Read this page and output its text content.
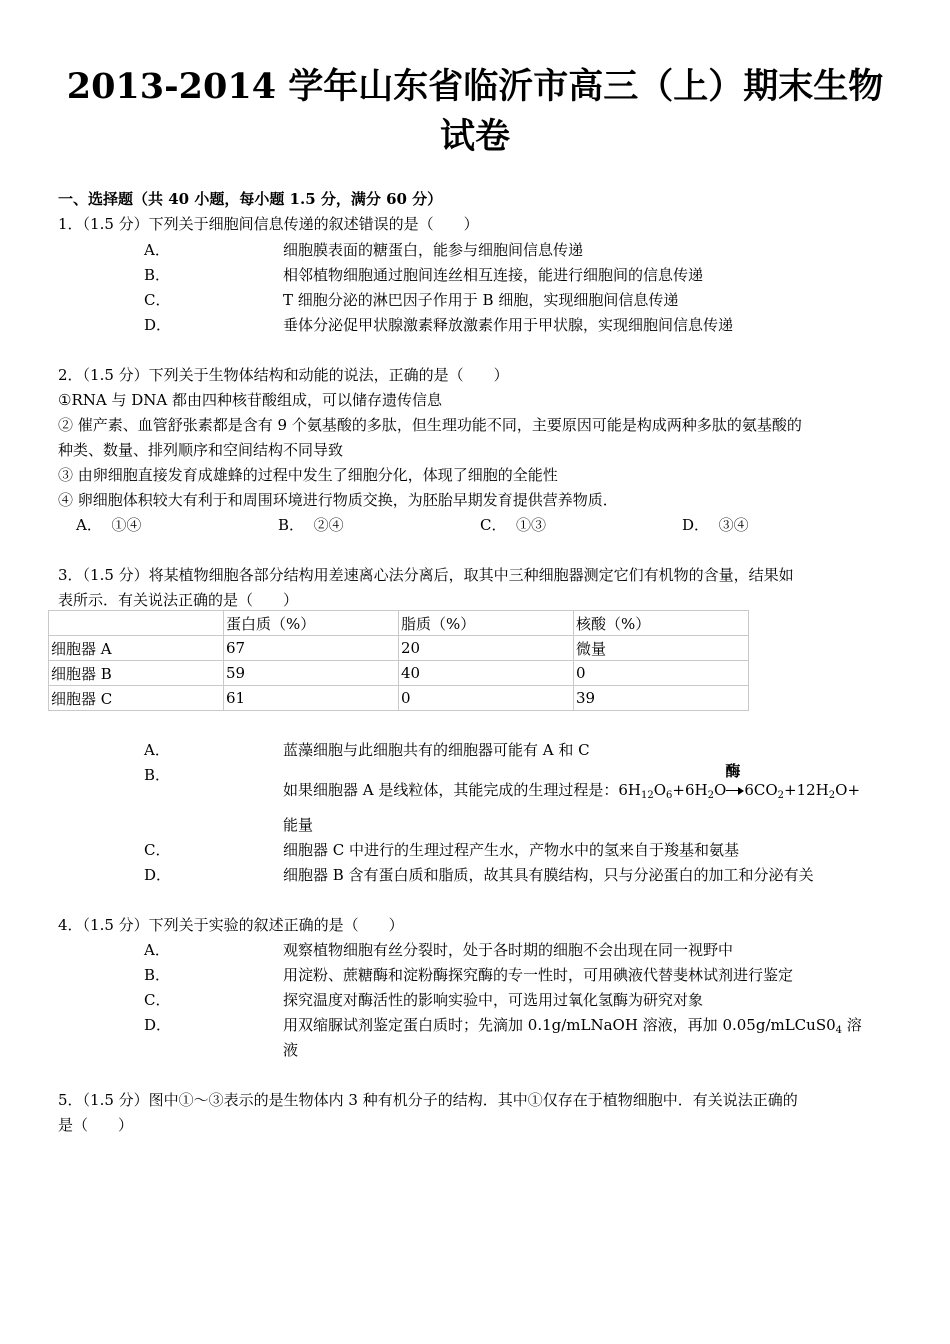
2013-2014 学年山东省临沂市高三（上）期末生物
试卷
一、选择题（共 40 小题，每小题 1.5 分，满分 60 分）
1．（1.5 分）下列关于细胞间信息传递的叙述错误的是（　　）
A．	细胞膜表面的糖蛋白，能参与细胞间信息传递
B．	相邻植物细胞通过胞间连丝相互连接，能进行细胞间的信息传递
C．	T 细胞分泌的淋巴因子作用于 B 细胞，实现细胞间信息传递
D．	垂体分泌促甲状腺激素释放激素作用于甲状腺，实现细胞间信息传递
2．（1.5 分）下列关于生物体结构和动能的说法，正确的是（　　）
①RNA 与 DNA 都由四种核苷酸组成，可以储存遗传信息
② 催产素、血管舒张素都是含有 9 个氨基酸的多肽，但生理功能不同，主要原因可能是构成两种多肽的氨基酸的
种类、数量、排列顺序和空间结构不同导致
③ 由卵细胞直接发育成雄蜂的过程中发生了细胞分化，体现了细胞的全能性
④ 卵细胞体积较大有利于和周围环境进行物质交换，为胚胎早期发育提供营养物质．
A． ①④	B． ②④	C． ①③	D． ③④
3．（1.5 分）将某植物细胞各部分结构用差速离心法分离后，取其中三种细胞器测定它们有机物的含量，结果如
表所示．有关说法正确的是（　　）
	蛋白质（%）	脂质（%）	核酸（%）
细胞器 A	67	20	微量
细胞器 B	59	40	0
细胞器 C	61	0	39
A．	蓝藻细胞与此细胞共有的细胞器可能有 A 和 C
B．
如果细胞器 A 是线粒体，其能完成的生理过程是：$6H_{12}O_6+6H_2O$
酶
$6CO_2+12H_2O+$
能量
C．	细胞器 C 中进行的生理过程产生水，产物水中的氢来自于羧基和氨基
D．	细胞器 B 含有蛋白质和脂质，故其具有膜结构，只与分泌蛋白的加工和分泌有关
4．（1.5 分）下列关于实验的叙述正确的是（　　）
A．	观察植物细胞有丝分裂时，处于各时期的细胞不会出现在同一视野中
B．	用淀粉、蔗糖酶和淀粉酶探究酶的专一性时，可用碘液代替斐林试剂进行鉴定
C．	探究温度对酶活性的影响实验中，可选用过氧化氢酶为研究对象
D．	用双缩脲试剂鉴定蛋白质时；先滴加 0.1g/mLNaOH 溶液，再加 $0.05g/mLCuS0_4$ 溶
液
5．（1.5 分）图中①～③表示的是生物体内 3 种有机分子的结构．其中①仅存在于植物细胞中．有关说法正确的
是（　　）
